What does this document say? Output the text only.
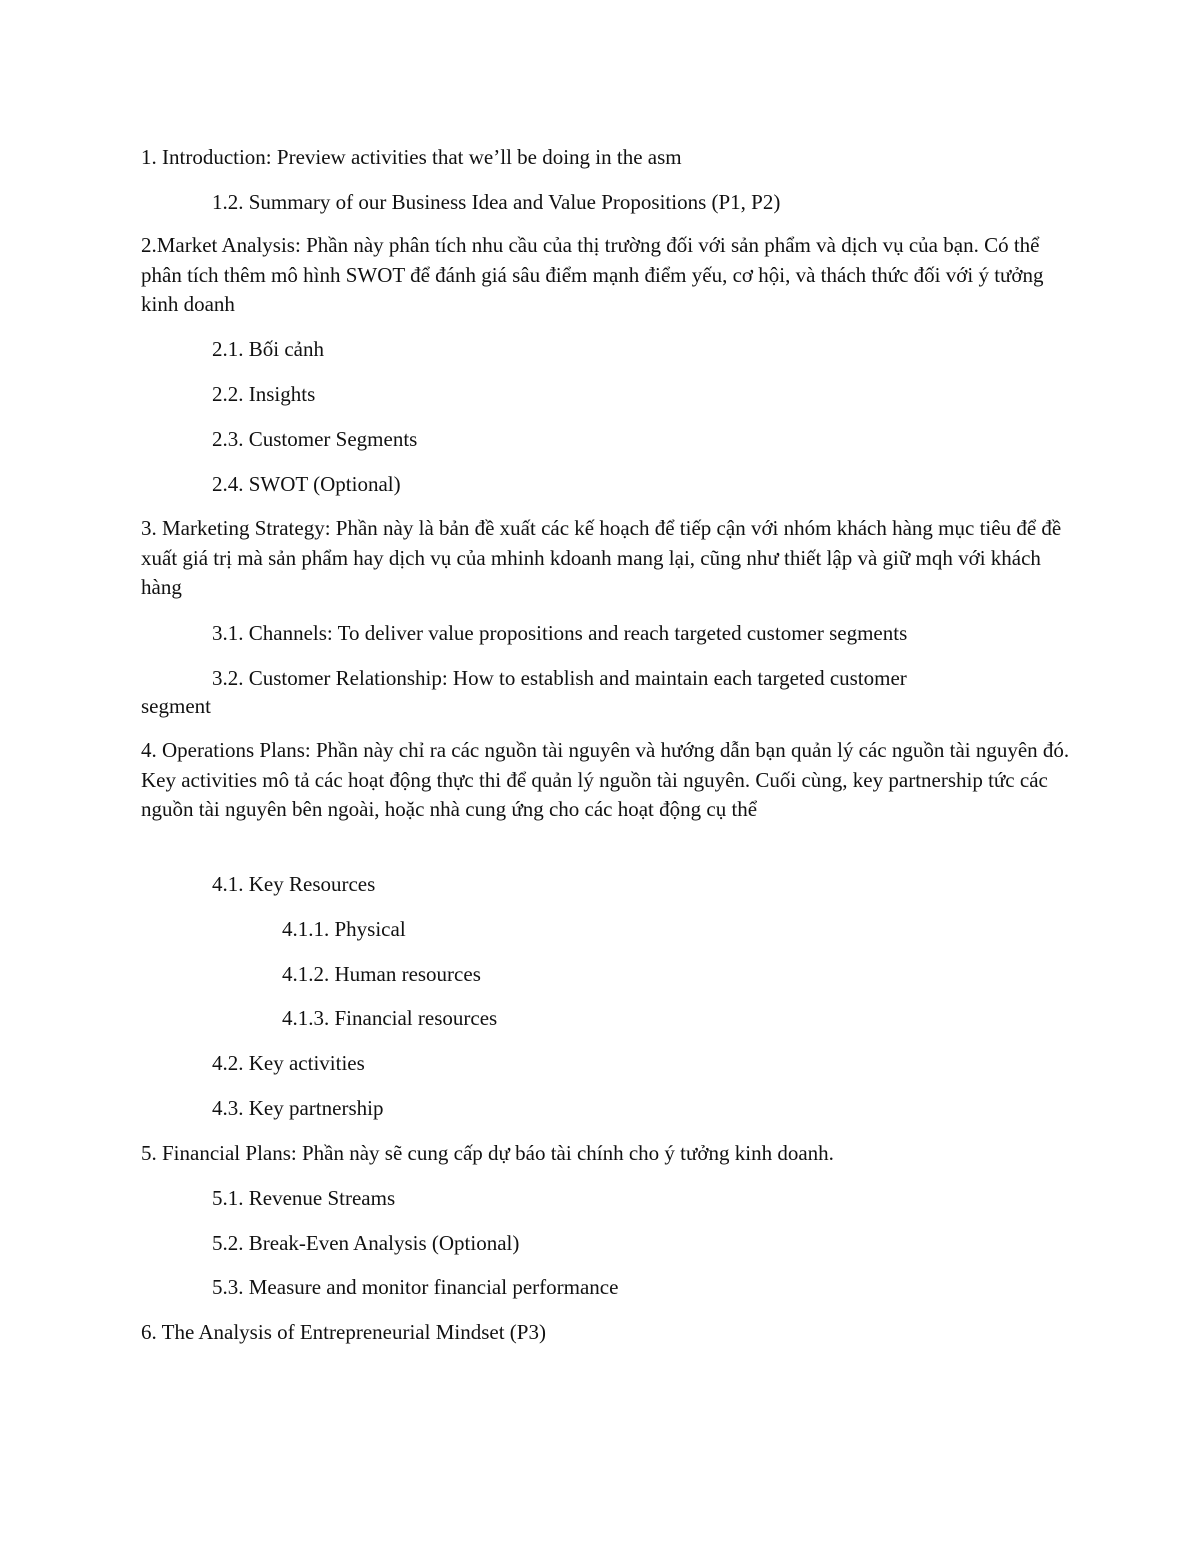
1. Introduction: Preview activities that we’ll be doing in the asm
1.2. Summary of our Business Idea and Value Propositions (P1, P2)
2.Market Analysis: Phần này phân tích nhu cầu của thị trường đối với sản phẩm và dịch vụ của bạn. Có thể phân tích thêm mô hình SWOT để đánh giá sâu điểm mạnh điểm yếu, cơ hội, và thách thức đối với ý tưởng kinh doanh
2.1. Bối cảnh
2.2. Insights
2.3. Customer Segments
2.4. SWOT (Optional)
3. Marketing Strategy: Phần này là bản đề xuất các kế hoạch để tiếp cận với nhóm khách hàng mục tiêu để đề xuất giá trị mà sản phẩm hay dịch vụ của mhinh kdoanh mang lại, cũng như thiết lập và giữ mqh với khách hàng
3.1. Channels: To deliver value propositions and reach targeted customer segments
3.2. Customer Relationship: How to establish and maintain each targeted customer
segment
4. Operations Plans: Phần này chỉ ra các nguồn tài nguyên và hướng dẫn bạn quản lý các nguồn tài nguyên đó. Key activities mô tả các hoạt động thực thi để quản lý nguồn tài nguyên. Cuối cùng, key partnership tức các nguồn tài nguyên bên ngoài, hoặc nhà cung ứng cho các hoạt động cụ thể
4.1. Key Resources
4.1.1. Physical
4.1.2. Human resources
4.1.3. Financial resources
4.2. Key activities
4.3. Key partnership
5. Financial Plans: Phần này sẽ cung cấp dự báo tài chính cho ý tưởng kinh doanh.
5.1. Revenue Streams
5.2. Break-Even Analysis (Optional)
5.3. Measure and monitor financial performance
6. The Analysis of Entrepreneurial Mindset (P3)
